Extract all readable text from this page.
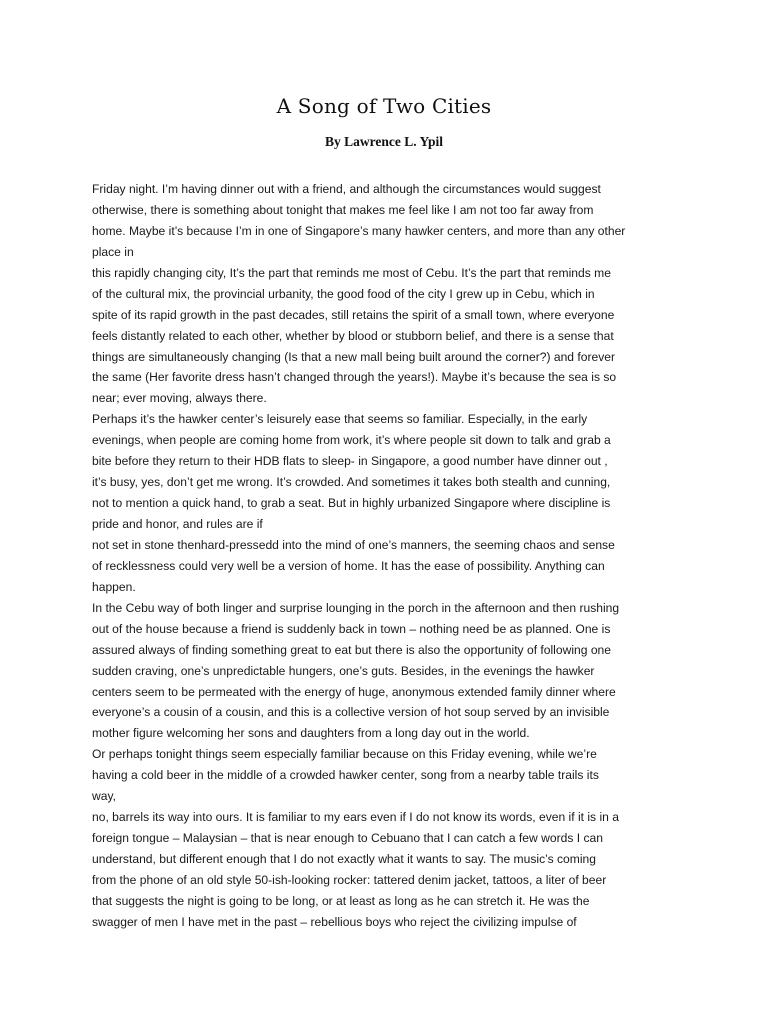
A Song of Two Cities
By Lawrence L. Ypil
Friday night. I’m having dinner out with a friend, and although the circumstances would suggest
otherwise, there is something about tonight that makes me feel like I am not too far away from
home. Maybe it’s because I’m in one of Singapore’s many hawker centers, and more than any other
place in
this rapidly changing city, It’s the part that reminds me most of Cebu. It’s the part that reminds me
of the cultural mix, the provincial urbanity, the good food of the city I grew up in Cebu, which in
spite of its rapid growth in the past decades, still retains the spirit of a small town, where everyone
feels distantly related to each other, whether by blood or stubborn belief, and there is a sense that
things are simultaneously changing (Is that a new mall being built around the corner?) and forever
the same (Her favorite dress hasn’t changed through the years!). Maybe it’s because the sea is so
near; ever moving, always there.
Perhaps it’s the hawker center’s leisurely ease that seems so familiar. Especially, in the early
evenings, when people are coming home from work, it’s where people sit down to talk and grab a
bite before they return to their HDB flats to sleep- in Singapore, a good number have dinner out ,
it’s busy, yes, don’t get me wrong. It’s crowded. And sometimes it takes both stealth and cunning,
not to mention a quick hand, to grab a seat. But in highly urbanized Singapore where discipline is
pride and honor, and rules are if
not set in stone thenhard-pressedd into the mind of one’s manners, the seeming chaos and sense
of recklessness could very well be a version of home. It has the ease of possibility. Anything can
happen.
In the Cebu way of both linger and surprise lounging in the porch in the afternoon and then rushing
out of the house because a friend is suddenly back in town – nothing need be as planned. One is
assured always of finding something great to eat but there is also the opportunity of following one
sudden craving, one’s unpredictable hungers, one’s guts. Besides, in the evenings the hawker
centers seem to be permeated with the energy of huge, anonymous extended family dinner where
everyone’s a cousin of a cousin, and this is a collective version of hot soup served by an invisible
mother figure welcoming her sons and daughters from a long day out in the world.
Or perhaps tonight things seem especially familiar because on this Friday evening, while we’re
having a cold beer in the middle of a crowded hawker center, song from a nearby table trails its
way,
no, barrels its way into ours. It is familiar to my ears even if I do not know its words, even if it is in a
foreign tongue – Malaysian – that is near enough to Cebuano that I can catch a few words I can
understand, but different enough that I do not exactly what it wants to say. The music’s coming
from the phone of an old style 50-ish-looking rocker: tattered denim jacket, tattoos, a liter of beer
that suggests the night is going to be long, or at least as long as he can stretch it. He was the
swagger of men I have met in the past – rebellious boys who reject the civilizing impulse of
